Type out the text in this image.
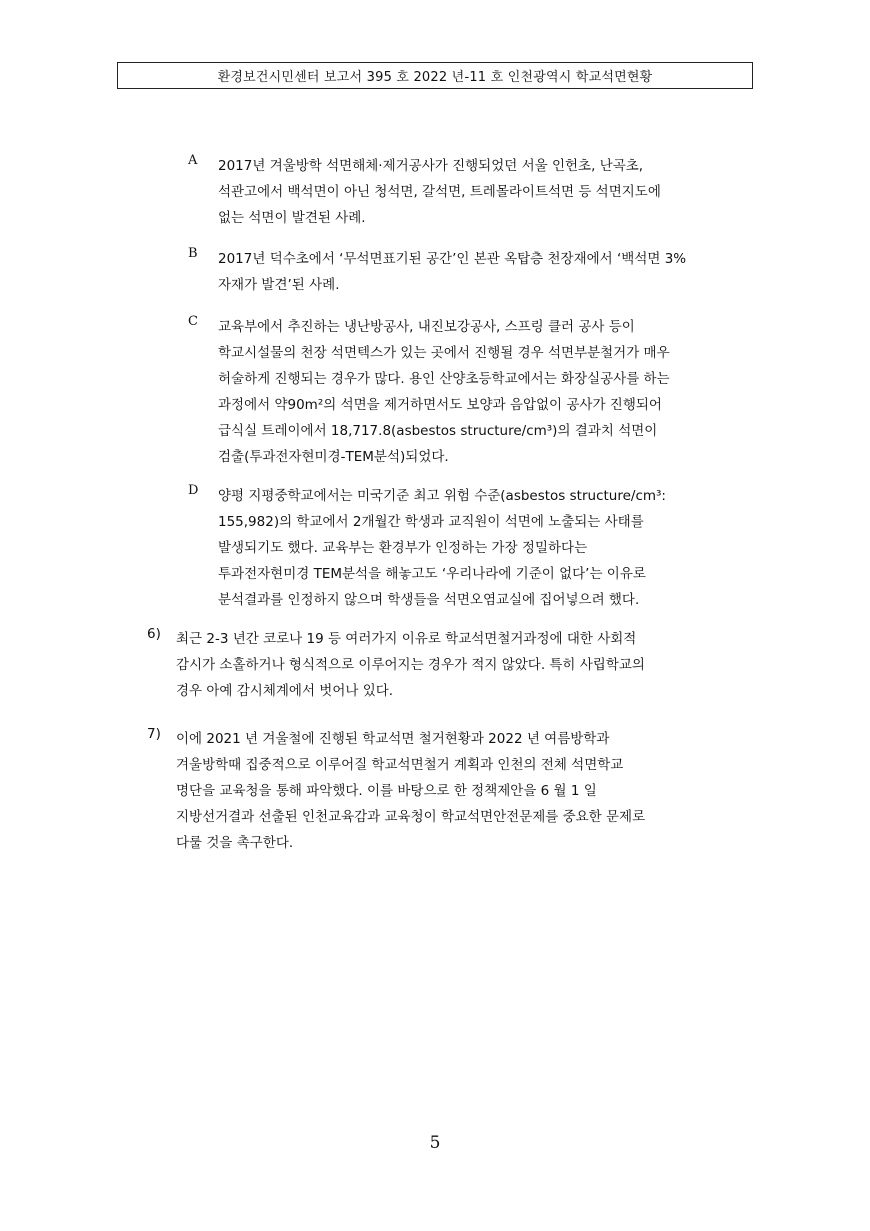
환경보건시민센터 보고서 395 호 2022 년-11 호 인천광역시 학교석면현황
A 2017년 겨울방학 석면해체·제거공사가 진행되었던 서울 인헌초, 난곡초,
석관고에서 백석면이 아닌 청석면, 갈석면, 트레몰라이트석면 등 석면지도에
없는 석면이 발견된 사례.
B 2017년 덕수초에서 ‘무석면표기된 공간’인 본관 옥탑층 천장재에서 ‘백석면 3%
자재가 발견’된 사례.
C 교육부에서 추진하는 냉난방공사, 내진보강공사, 스프링 클러 공사 등이
학교시설물의 천장 석면텍스가 있는 곳에서 진행될 경우 석면부분철거가 매우
허술하게 진행되는 경우가 많다. 용인 산양초등학교에서는 화장실공사를 하는
과정에서 약90m²의 석면을 제거하면서도 보양과 음압없이 공사가 진행되어
급식실 트레이에서 18,717.8(asbestos structure/cm³)의 결과치 석면이
검출(투과전자현미경-TEM분석)되었다.
D 양평 지평중학교에서는 미국기준 최고 위험 수준(asbestos structure/cm³:
155,982)의 학교에서 2개월간 학생과 교직원이 석면에 노출되는 사태를
발생되기도 했다. 교육부는 환경부가 인정하는 가장 정밀하다는
투과전자현미경 TEM분석을 해놓고도 ‘우리나라에 기준이 없다’는 이유로
분석결과를 인정하지 않으며 학생들을 석면오염교실에 집어넣으려 했다.
6) 최근 2-3 년간 코로나 19 등 여러가지 이유로 학교석면철거과정에 대한 사회적
감시가 소홀하거나 형식적으로 이루어지는 경우가 적지 않았다. 특히 사립학교의
경우 아예 감시체계에서 벗어나 있다.
7) 이에 2021 년 겨울철에 진행된 학교석면 철거현황과 2022 년 여름방학과
겨울방학때 집중적으로 이루어질 학교석면철거 계획과 인천의 전체 석면학교
명단을 교육청을 통해 파악했다. 이를 바탕으로 한 정책제안을 6 월 1 일
지방선거결과 선출된 인천교육감과 교육청이 학교석면안전문제를 중요한 문제로
다룰 것을 촉구한다.
5
